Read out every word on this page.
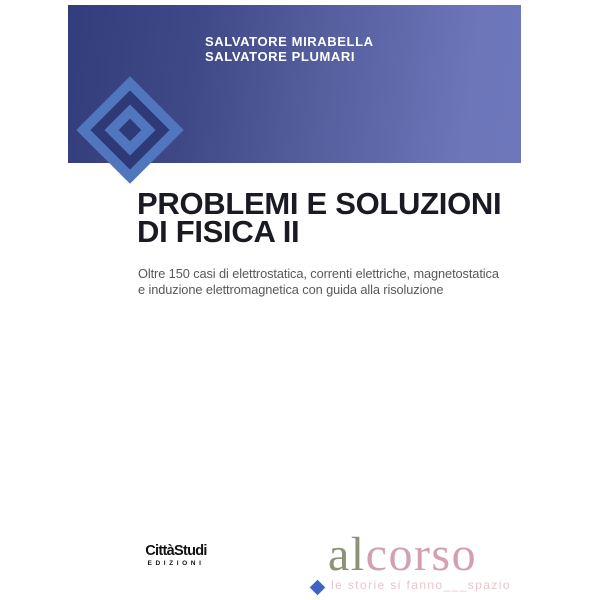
SALVATORE MIRABELLA
SALVATORE PLUMARI
PROBLEMI E SOLUZIONI
DI FISICA II
Oltre 150 casi di elettrostatica, correnti elettriche, magnetostatica
e induzione elettromagnetica con guida alla risoluzione
CittàStudi
EDIZIONI	alcorso
le storie si fanno___spazio
